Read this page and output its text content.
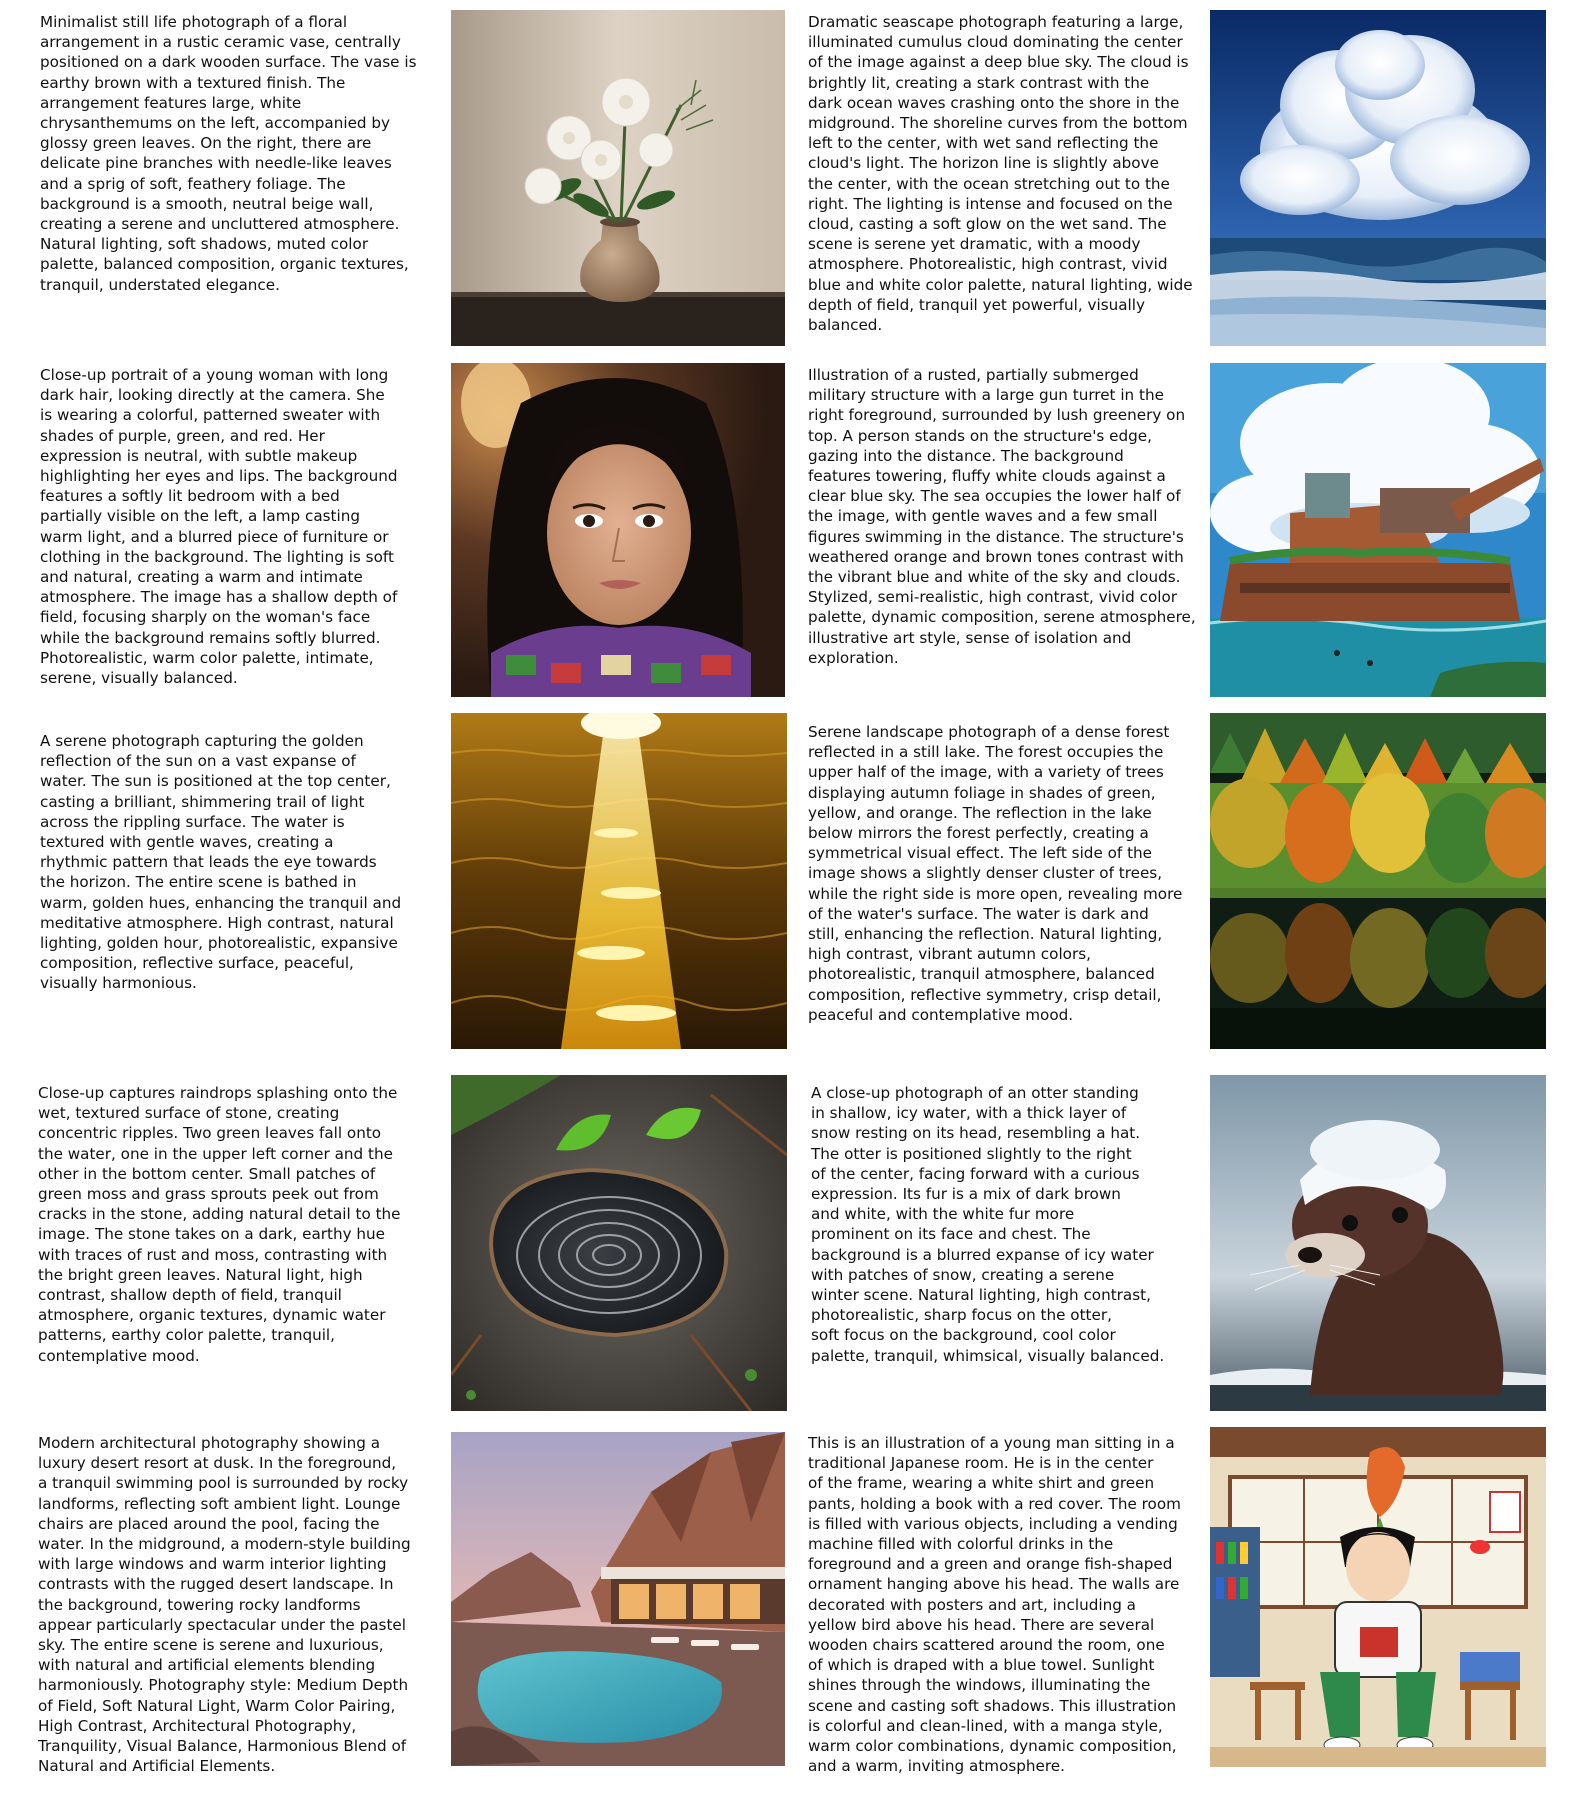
Minimalist still life photograph of a floral
arrangement in a rustic ceramic vase, centrally
positioned on a dark wooden surface. The vase is
earthy brown with a textured finish. The
arrangement features large, white
chrysanthemums on the left, accompanied by
glossy green leaves. On the right, there are
delicate pine branches with needle-like leaves
and a sprig of soft, feathery foliage. The
background is a smooth, neutral beige wall,
creating a serene and uncluttered atmosphere.
Natural lighting, soft shadows, muted color
palette, balanced composition, organic textures,
tranquil, understated elegance.

Dramatic seascape photograph featuring a large,
illuminated cumulus cloud dominating the center
of the image against a deep blue sky. The cloud is
brightly lit, creating a stark contrast with the
dark ocean waves crashing onto the shore in the
midground. The shoreline curves from the bottom
left to the center, with wet sand reflecting the
cloud's light. The horizon line is slightly above
the center, with the ocean stretching out to the
right. The lighting is intense and focused on the
cloud, casting a soft glow on the wet sand. The
scene is serene yet dramatic, with a moody
atmosphere. Photorealistic, high contrast, vivid
blue and white color palette, natural lighting, wide
depth of field, tranquil yet powerful, visually
balanced.

Close-up portrait of a young woman with long
dark hair, looking directly at the camera. She
is wearing a colorful, patterned sweater with
shades of purple, green, and red. Her
expression is neutral, with subtle makeup
highlighting her eyes and lips. The background
features a softly lit bedroom with a bed
partially visible on the left, a lamp casting
warm light, and a blurred piece of furniture or
clothing in the background. The lighting is soft
and natural, creating a warm and intimate
atmosphere. The image has a shallow depth of
field, focusing sharply on the woman's face
while the background remains softly blurred.
Photorealistic, warm color palette, intimate,
serene, visually balanced.

Illustration of a rusted, partially submerged
military structure with a large gun turret in the
right foreground, surrounded by lush greenery on
top. A person stands on the structure's edge,
gazing into the distance. The background
features towering, fluffy white clouds against a
clear blue sky. The sea occupies the lower half of
the image, with gentle waves and a few small
figures swimming in the distance. The structure's
weathered orange and brown tones contrast with
the vibrant blue and white of the sky and clouds.
Stylized, semi-realistic, high contrast, vivid color
palette, dynamic composition, serene atmosphere,
illustrative art style, sense of isolation and
exploration.

A serene photograph capturing the golden
reflection of the sun on a vast expanse of
water. The sun is positioned at the top center,
casting a brilliant, shimmering trail of light
across the rippling surface. The water is
textured with gentle waves, creating a
rhythmic pattern that leads the eye towards
the horizon. The entire scene is bathed in
warm, golden hues, enhancing the tranquil and
meditative atmosphere. High contrast, natural
lighting, golden hour, photorealistic, expansive
composition, reflective surface, peaceful,
visually harmonious.

Serene landscape photograph of a dense forest
reflected in a still lake. The forest occupies the
upper half of the image, with a variety of trees
displaying autumn foliage in shades of green,
yellow, and orange. The reflection in the lake
below mirrors the forest perfectly, creating a
symmetrical visual effect. The left side of the
image shows a slightly denser cluster of trees,
while the right side is more open, revealing more
of the water's surface. The water is dark and
still, enhancing the reflection. Natural lighting,
high contrast, vibrant autumn colors,
photorealistic, tranquil atmosphere, balanced
composition, reflective symmetry, crisp detail,
peaceful and contemplative mood.

Close-up captures raindrops splashing onto the
wet, textured surface of stone, creating
concentric ripples. Two green leaves fall onto
the water, one in the upper left corner and the
other in the bottom center. Small patches of
green moss and grass sprouts peek out from
cracks in the stone, adding natural detail to the
image. The stone takes on a dark, earthy hue
with traces of rust and moss, contrasting with
the bright green leaves. Natural light, high
contrast, shallow depth of field, tranquil
atmosphere, organic textures, dynamic water
patterns, earthy color palette, tranquil,
contemplative mood.

A close-up photograph of an otter standing
in shallow, icy water, with a thick layer of
snow resting on its head, resembling a hat.
The otter is positioned slightly to the right
of the center, facing forward with a curious
expression. Its fur is a mix of dark brown
and white, with the white fur more
prominent on its face and chest. The
background is a blurred expanse of icy water
with patches of snow, creating a serene
winter scene. Natural lighting, high contrast,
photorealistic, sharp focus on the otter,
soft focus on the background, cool color
palette, tranquil, whimsical, visually balanced.

Modern architectural photography showing a
luxury desert resort at dusk. In the foreground,
a tranquil swimming pool is surrounded by rocky
landforms, reflecting soft ambient light. Lounge
chairs are placed around the pool, facing the
water. In the midground, a modern-style building
with large windows and warm interior lighting
contrasts with the rugged desert landscape. In
the background, towering rocky landforms
appear particularly spectacular under the pastel
sky. The entire scene is serene and luxurious,
with natural and artificial elements blending
harmoniously. Photography style: Medium Depth
of Field, Soft Natural Light, Warm Color Pairing,
High Contrast, Architectural Photography,
Tranquility, Visual Balance, Harmonious Blend of
Natural and Artificial Elements.

This is an illustration of a young man sitting in a
traditional Japanese room. He is in the center
of the frame, wearing a white shirt and green
pants, holding a book with a red cover. The room
is filled with various objects, including a vending
machine filled with colorful drinks in the
foreground and a green and orange fish-shaped
ornament hanging above his head. The walls are
decorated with posters and art, including a
yellow bird above his head. There are several
wooden chairs scattered around the room, one
of which is draped with a blue towel. Sunlight
shines through the windows, illuminating the
scene and casting soft shadows. This illustration
is colorful and clean-lined, with a manga style,
warm color combinations, dynamic composition,
and a warm, inviting atmosphere.
